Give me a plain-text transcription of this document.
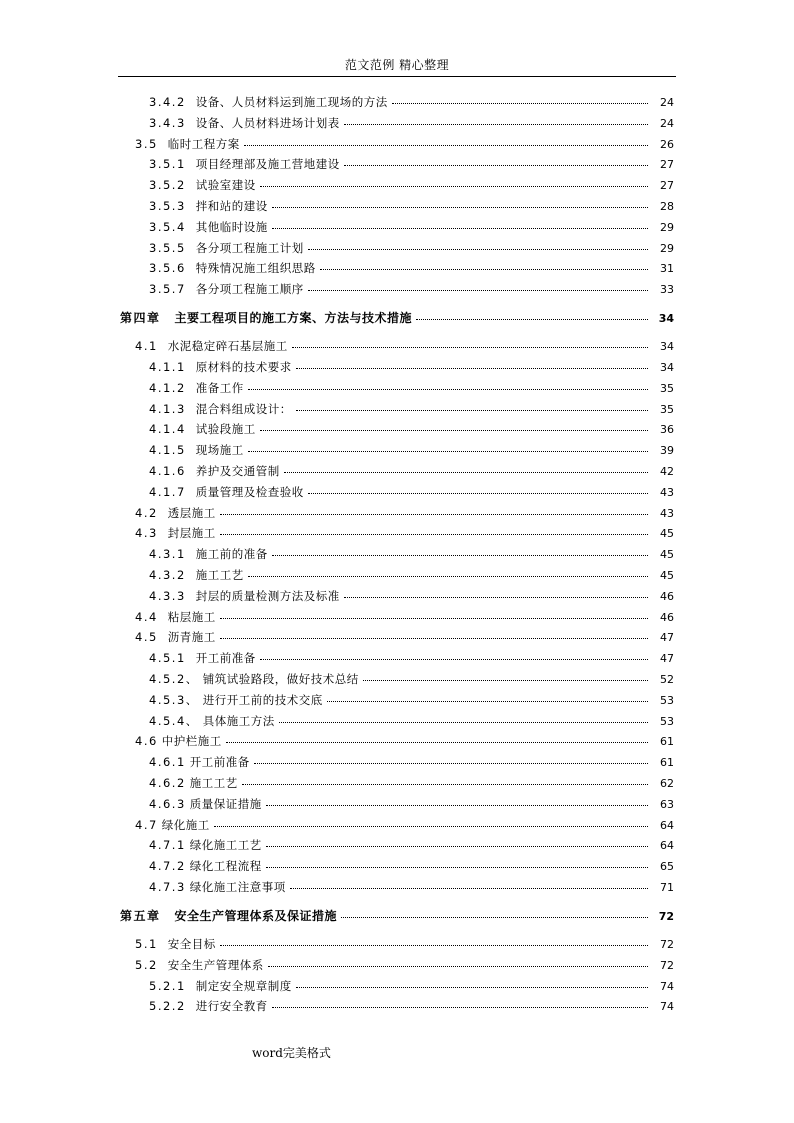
范文范例 精心整理
3.4.2 设备、人员材料运到施工现场的方法	24
3.4.3 设备、人员材料进场计划表	24
3.5 临时工程方案	26
3.5.1 项目经理部及施工营地建设	27
3.5.2 试验室建设	27
3.5.3 拌和站的建设	28
3.5.4 其他临时设施	29
3.5.5 各分项工程施工计划	29
3.5.6 特殊情况施工组织思路	31
3.5.7 各分项工程施工顺序	33
第四章 主要工程项目的施工方案、方法与技术措施	34
4.1 水泥稳定碎石基层施工	34
4.1.1 原材料的技术要求	34
4.1.2 准备工作	35
4.1.3 混合料组成设计：	35
4.1.4 试验段施工	36
4.1.5 现场施工	39
4.1.6 养护及交通管制	42
4.1.7 质量管理及检查验收	43
4.2 透层施工	43
4.3 封层施工	45
4.3.1 施工前的准备	45
4.3.2 施工工艺	45
4.3.3 封层的质量检测方法及标准	46
4.4 粘层施工	46
4.5 沥青施工	47
4.5.1 开工前准备	47
4.5.2、 铺筑试验路段，做好技术总结	52
4.5.3、 进行开工前的技术交底	53
4.5.4、 具体施工方法	53
4.6 中护栏施工	61
4.6.1 开工前准备	61
4.6.2 施工工艺	62
4.6.3 质量保证措施	63
4.7 绿化施工	64
4.7.1 绿化施工工艺	64
4.7.2 绿化工程流程	65
4.7.3 绿化施工注意事项	71
第五章 安全生产管理体系及保证措施	72
5.1 安全目标	72
5.2 安全生产管理体系	72
5.2.1 制定安全规章制度	74
5.2.2 进行安全教育	74
word完美格式
